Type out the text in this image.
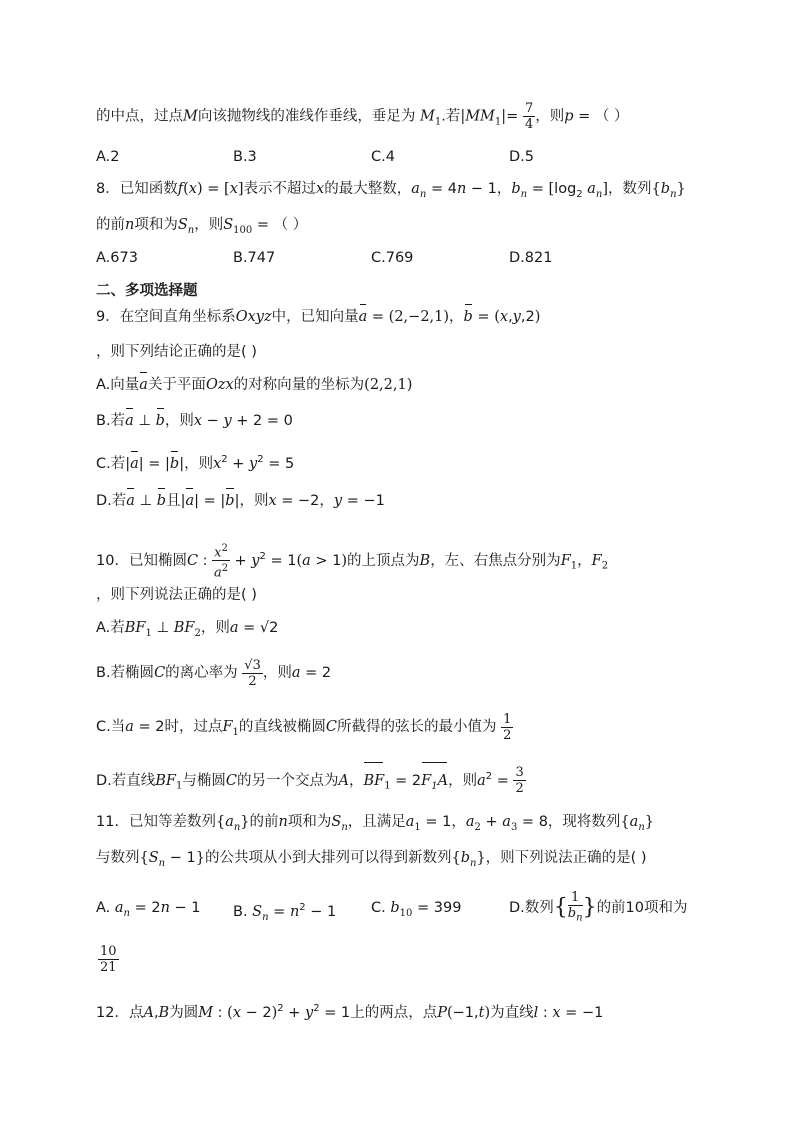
的中点，过点M向该抛物线的准线作垂线，垂足为 $M_1$.若$|MM_1|= \frac{7}{4}$ ，则p = （ ）
A.2	B.3	C.4	D.5
8．已知函数f(x) = [x]表示不超过x的最大整数，$a_n = 4n - 1$，$b_n = [\log_2$ $a_n$]，数列$\{b_n\}$
的前n项和为$S_n$，则$S_{100}$ = （ ）
A.673	B.747	C.769	D.821
二、多项选择题
9．在空间直角坐标系Oxyz中，已知向量a = (2,−2,1)，b = (x,y,2)
，则下列结论正确的是( )
A.向量a关于平面Ozx的对称向量的坐标为(2,2,1)
B.若a ⊥ b，则x − y + 2 = 0
C.若|a| = |b|，则$x^2 + y^2 = 5$
D.若a ⊥ b且|a| = |b|，则x = −2，y = −1
10．已知椭圆C : $\frac{x^2}{a^2} + y^2 = 1(a > 1)$的上顶点为B，左、右焦点分别为$F_1$，$F_2$
，则下列说法正确的是( )
A.若$BF_1$ ⊥ $BF_2$，则a = √2
B.若椭圆C的离心率为 $\frac{√3}{2}$ ，则a = 2
C.当a = 2时，过点$F_1$的直线被椭圆C所截得的弦长的最小值为 $\frac{1}{2}$
D.若直线$BF_1$与椭圆C的另一个交点为A，$BF_1 = 2F_1A$，则$a^2 = \frac{3}{2}$
11．已知等差数列$\{a_n\}$的前n项和为$S_n$，且满足$a_1 = 1$，$a_2 + a_3 = 8$，现将数列$\{a_n\}$
与数列$\{S_n - 1\}$的公共项从小到大排列可以得到新数列$\{b_n\}$，则下列说法正确的是( )
A. $a_n = 2n - 1$ B. $S_n = n^2 - 1$ C. $b_{10} = 399$	D.数列{ $\frac{1}{b_n}$ }的前10项和为
$\frac{10}{21}$
12．点A,B为圆M : $(x - 2)^2 + y^2 = 1$上的两点，点P(−1,t)为直线l : x = −1
